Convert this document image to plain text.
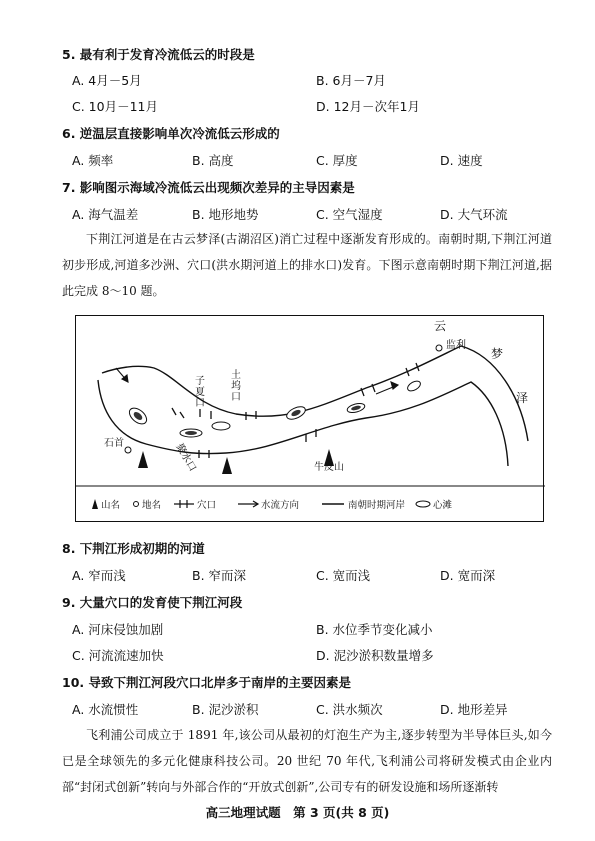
5. 最有利于发育冷流低云的时段是
A. 4月－5月	B. 6月－7月
C. 10月－11月	D. 12月－次年1月
6. 逆温层直接影响单次冷流低云形成的
A. 频率	B. 高度	C. 厚度	D. 速度
7. 影响图示海域冷流低云出现频次差异的主导因素是
A. 海气温差	B. 地形地势	C. 空气湿度	D. 大气环流

下荆江河道是在古云梦泽(古湖沼区)消亡过程中逐渐发育形成的。南朝时期,下荆江河道初步形成,河道多沙洲、穴口(洪水期河道上的排水口)发育。下图示意南朝时期下荆江河道,据此完成 8～10 题。

云
监利
梦
泽
石首
牛皮山
子夏口
土坞口
聚水口
山名 地名	穴口	水流方向	南朝时期河岸	心滩
8. 下荆江形成初期的河道
A. 窄而浅	B. 窄而深	C. 宽而浅	D. 宽而深
9. 大量穴口的发育使下荆江河段
A. 河床侵蚀加剧	B. 水位季节变化减小
C. 河流流速加快	D. 泥沙淤积数量增多
10. 导致下荆江河段穴口北岸多于南岸的主要因素是
A. 水流惯性	B. 泥沙淤积	C. 洪水频次	D. 地形差异

飞利浦公司成立于 1891 年,该公司从最初的灯泡生产为主,逐步转型为半导体巨头,如今已是全球领先的多元化健康科技公司。20 世纪 70 年代,飞利浦公司将研发模式由企业内部“封闭式创新”转向与外部合作的“开放式创新”,公司专有的研发设施和场所逐渐转

高三地理试题　第 3 页(共 8 页)
